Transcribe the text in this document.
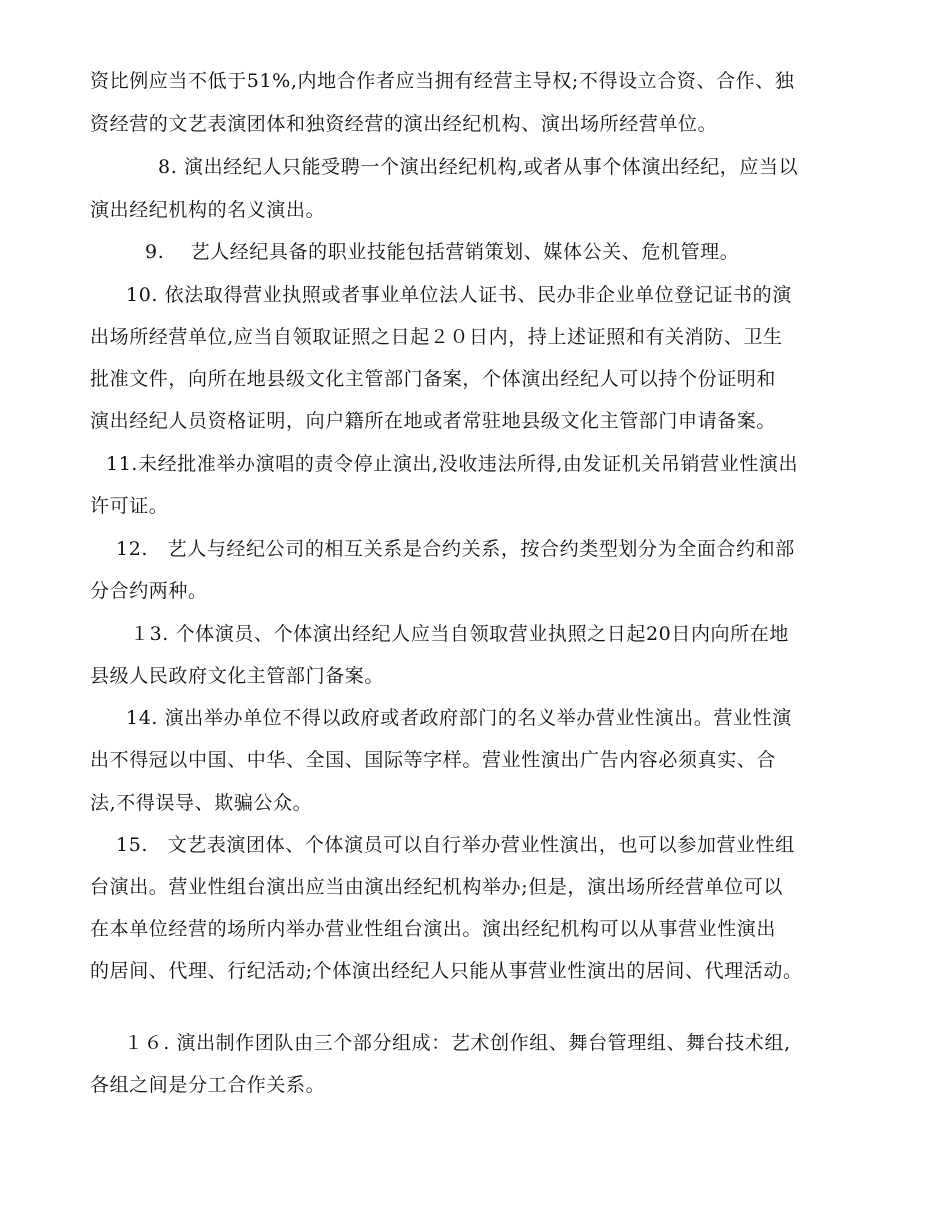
资比例应当不低于51%,内地合作者应当拥有经营主导权;不得设立合资、合作、独
资经营的文艺表演团体和独资经营的演出经纪机构、演出场所经营单位。
8. 演出经纪人只能受聘一个演出经纪机构,或者从事个体演出经纪，应当以
演出经纪机构的名义演出。
9.　 艺人经纪具备的职业技能包括营销策划、媒体公关、危机管理。
10. 依法取得营业执照或者事业单位法人证书、民办非企业单位登记证书的演
出场所经营单位,应当自领取证照之日起２０日内，持上述证照和有关消防、卫生
批准文件，向所在地县级文化主管部门备案，个体演出经纪人可以持个份证明和
演出经纪人员资格证明，向户籍所在地或者常驻地县级文化主管部门申请备案。
11.未经批准举办演唱的责令停止演出,没收违法所得,由发证机关吊销营业性演出
许可证。
12.　艺人与经纪公司的相互关系是合约关系，按合约类型划分为全面合约和部
分合约两种。
１3. 个体演员、个体演出经纪人应当自领取营业执照之日起20日内向所在地
县级人民政府文化主管部门备案。
14. 演出举办单位不得以政府或者政府部门的名义举办营业性演出。营业性演
出不得冠以中国、中华、全国、国际等字样。营业性演出广告内容必须真实、合
法,不得误导、欺骗公众。
15.　文艺表演团体、个体演员可以自行举办营业性演出，也可以参加营业性组
台演出。营业性组台演出应当由演出经纪机构举办;但是，演出场所经营单位可以
在本单位经营的场所内举办营业性组台演出。演出经纪机构可以从事营业性演出
的居间、代理、行纪活动;个体演出经纪人只能从事营业性演出的居间、代理活动。
１６. 演出制作团队由三个部分组成：艺术创作组、舞台管理组、舞台技术组,
各组之间是分工合作关系。
